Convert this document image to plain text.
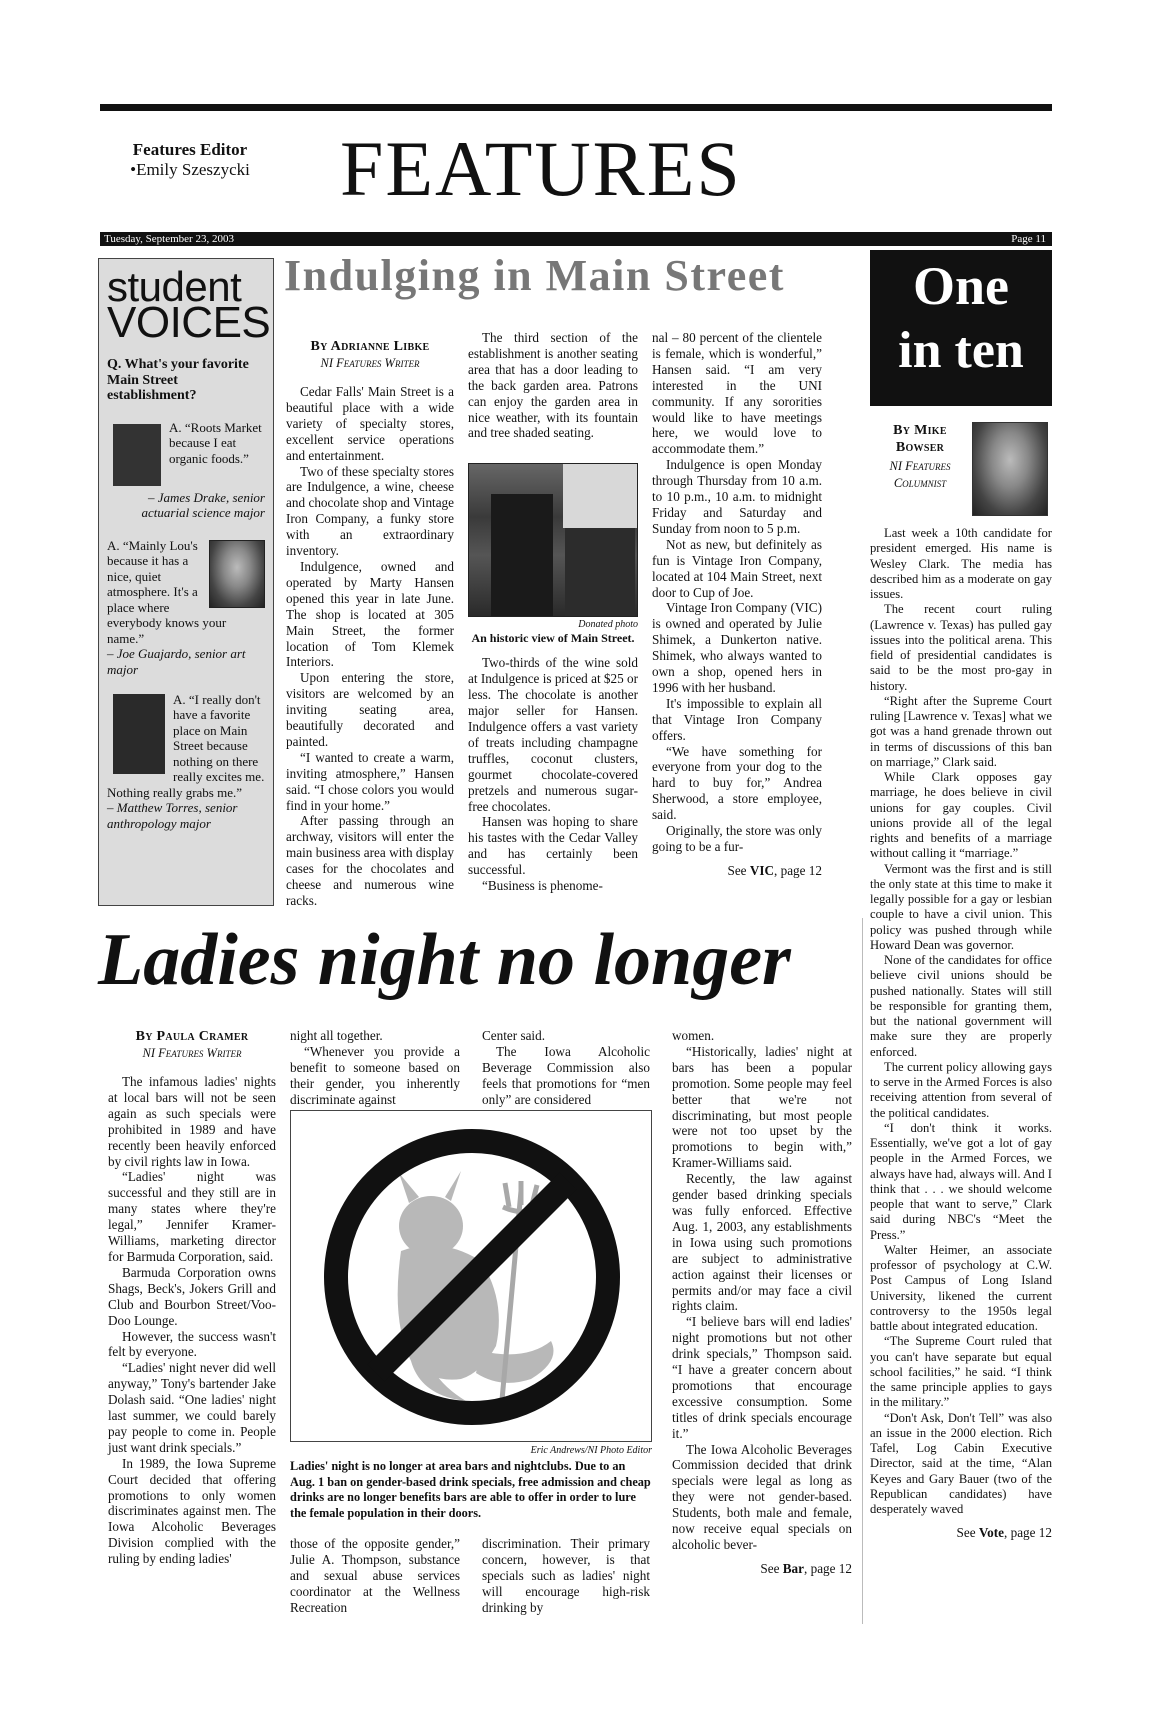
Features Editor
•Emily Szeszycki	FEATURES
Tuesday, September 23, 2003	Page 11
student
VOICES

Q. What's your favorite Main Street establishment?

A. “Roots Market because I eat organic foods.”

– James Drake, senior actuarial science major

A. “Mainly Lou's because it has a nice, quiet atmosphere. It's a place where everybody knows your name.”

– Joe Guajardo, senior art major

A. “I really don't have a favorite place on Main Street because nothing on there really excites me. Nothing really grabs me.”

– Matthew Torres, senior anthropology major

Indulging in Main Street
By Adrianne Libke
NI Features Writer

Cedar Falls' Main Street is a beautiful place with a wide variety of specialty stores, excellent service operations and entertainment.

Two of these specialty stores are Indulgence, a wine, cheese and chocolate shop and Vintage Iron Company, a funky store with an extraordinary inventory.

Indulgence, owned and operated by Marty Hansen opened this year in late June. The shop is located at 305 Main Street, the former location of Tom Klemek Interiors.

Upon entering the store, visitors are welcomed by an inviting seating area, beautifully decorated and painted.

“I wanted to create a warm, inviting atmosphere,” Hansen said. “I chose colors you would find in your home.”

After passing through an archway, visitors will enter the main business area with display cases for the chocolates and cheese and numerous wine racks.

The third section of the establishment is another seating area that has a door leading to the back garden area. Patrons can enjoy the garden area in nice weather, with its fountain and tree shaded seating.

Donated photo
An historic view of Main Street.

Two-thirds of the wine sold at Indulgence is priced at $25 or less. The chocolate is another major seller for Hansen. Indulgence offers a vast variety of treats including champagne truffles, coconut clusters, gourmet chocolate-covered pretzels and numerous sugar-free chocolates.

Hansen was hoping to share his tastes with the Cedar Valley and has certainly been successful.

“Business is phenome-

nal – 80 percent of the clientele is female, which is wonderful,” Hansen said. “I am very interested in the UNI community. If any sororities would like to have meetings here, we would love to accommodate them.”

Indulgence is open Monday through Thursday from 10 a.m. to 10 p.m., 10 a.m. to midnight Friday and Saturday and Sunday from noon to 5 p.m.

Not as new, but definitely as fun is Vintage Iron Company, located at 104 Main Street, next door to Cup of Joe.

Vintage Iron Company (VIC) is owned and operated by Julie Shimek, a Dunkerton native. Shimek, who always wanted to own a shop, opened hers in 1996 with her husband.

It's impossible to explain all that Vintage Iron Company offers.

“We have something for everyone from your dog to the hard to buy for,” Andrea Sherwood, a store employee, said.

Originally, the store was only going to be a fur-

See VIC, page 12
One
in ten
By Mike Bowser
NI Features Columnist

Last week a 10th candidate for president emerged. His name is Wesley Clark. The media has described him as a moderate on gay issues.

The recent court ruling (Lawrence v. Texas) has pulled gay issues into the political arena. This field of presidential candidates is said to be the most pro-gay in history.

“Right after the Supreme Court ruling [Lawrence v. Texas] what we got was a hand grenade thrown out in terms of discussions of this ban on marriage,” Clark said.

While Clark opposes gay marriage, he does believe in civil unions for gay couples. Civil unions provide all of the legal rights and benefits of a marriage without calling it “marriage.”

Vermont was the first and is still the only state at this time to make it legally possible for a gay or lesbian couple to have a civil union. This policy was pushed through while Howard Dean was governor.

None of the candidates for office believe civil unions should be pushed nationally. States will still be responsible for granting them, but the national government will make sure they are properly enforced.

The current policy allowing gays to serve in the Armed Forces is also receiving attention from several of the political candidates.

“I don't think it works. Essentially, we've got a lot of gay people in the Armed Forces, we always have had, always will. And I think that . . . we should welcome people that want to serve,” Clark said during NBC's “Meet the Press.”

Walter Heimer, an associate professor of psychology at C.W. Post Campus of Long Island University, likened the current controversy to the 1950s legal battle about integrated education.

“The Supreme Court ruled that you can't have separate but equal school facilities,” he said. “I think the same principle applies to gays in the military.”

“Don't Ask, Don't Tell” was also an issue in the 2000 election. Rich Tafel, Log Cabin Executive Director, said at the time, “Alan Keyes and Gary Bauer (two of the Republican candidates) have desperately waved

See Vote, page 12
Ladies night no longer
By Paula Cramer
NI Features Writer

The infamous ladies' nights at local bars will not be seen again as such specials were prohibited in 1989 and have recently been heavily enforced by civil rights law in Iowa.

“Ladies' night was successful and they still are in many states where they're legal,” Jennifer Kramer-Williams, marketing director for Barmuda Corporation, said.

Barmuda Corporation owns Shags, Beck's, Jokers Grill and Club and Bourbon Street/Voo-Doo Lounge.

However, the success wasn't felt by everyone.

“Ladies' night never did well anyway,” Tony's bartender Jake Dolash said. “One ladies' night last summer, we could barely pay people to come in. People just want drink specials.”

In 1989, the Iowa Supreme Court decided that offering promotions to only women discriminates against men. The Iowa Alcoholic Beverages Division complied with the ruling by ending ladies'

night all together.

“Whenever you provide a benefit to someone based on their gender, you inherently discriminate against

Center said.

The Iowa Alcoholic Beverage Commission also feels that promotions for “men only” are considered

Eric Andrews/NI Photo Editor
Ladies' night is no longer at area bars and nightclubs. Due to an Aug. 1 ban on gender-based drink specials, free admission and cheap drinks are no longer benefits bars are able to offer in order to lure the female population in their doors.

those of the opposite gender,” Julie A. Thompson, substance and sexual abuse services coordinator at the Wellness Recreation

discrimination. Their primary concern, however, is that specials such as ladies' night will encourage high-risk drinking by

women.

“Historically, ladies' night at bars has been a popular promotion. Some people may feel better that we're not discriminating, but most people were not too upset by the promotions to begin with,” Kramer-Williams said.

Recently, the law against gender based drinking specials was fully enforced. Effective Aug. 1, 2003, any establishments in Iowa using such promotions are subject to administrative action against their licenses or permits and/or may face a civil rights claim.

“I believe bars will end ladies' night promotions but not other drink specials,” Thompson said. “I have a greater concern about promotions that encourage excessive consumption. Some titles of drink specials encourage it.”

The Iowa Alcoholic Beverages Commission decided that drink specials were legal as long as they were not gender-based. Students, both male and female, now receive equal specials on alcoholic bever-

See Bar, page 12
